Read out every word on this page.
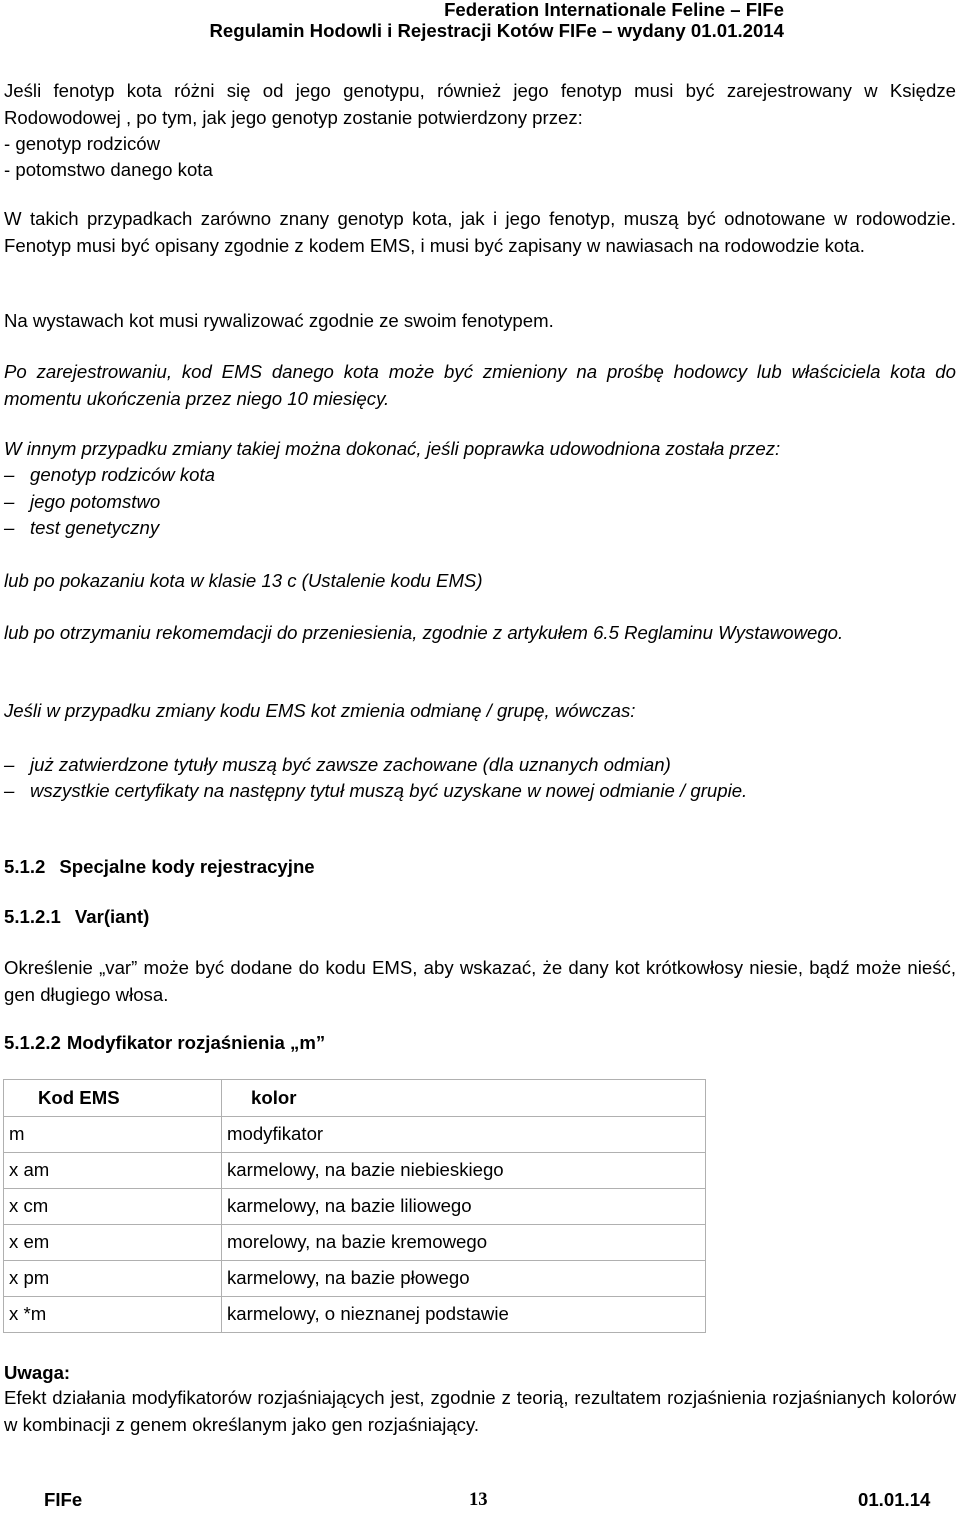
Federation Internationale Feline – FIFe
Regulamin Hodowli i Rejestracji Kotów FIFe – wydany 01.01.2014

Jeśli fenotyp kota różni się od jego genotypu, również jego fenotyp musi być zarejestrowany w Księdze Rodowodowej , po tym, jak jego genotyp zostanie potwierdzony przez:

- genotyp rodziców
- potomstwo danego kota

W takich przypadkach zarówno znany genotyp kota, jak i jego fenotyp, muszą być odnotowane w rodowodzie. Fenotyp musi być opisany zgodnie z kodem EMS, i musi być zapisany w nawiasach na rodowodzie kota.

Na wystawach kot musi rywalizować zgodnie ze swoim fenotypem.

Po zarejestrowaniu, kod EMS danego kota może być zmieniony na prośbę hodowcy lub właściciela kota do momentu ukończenia przez niego 10 miesięcy.

W innym przypadku zmiany takiej można dokonać, jeśli poprawka udowodniona została przez:

– genotyp rodziców kota
– jego potomstwo
– test genetyczny

lub po pokazaniu kota w klasie 13 c (Ustalenie kodu EMS)

lub po otrzymaniu rekomemdacji do przeniesienia, zgodnie z artykułem 6.5 Reglaminu Wystawowego.

Jeśli w przypadku zmiany kodu EMS kot zmienia odmianę / grupę, wówczas:

– już zatwierdzone tytuły muszą być zawsze zachowane (dla uznanych odmian)
– wszystkie certyfikaty na następny tytuł muszą być uzyskane w nowej odmianie / grupie.
5.1.2 Specjalne kody rejestracyjne
5.1.2.1 Var(iant)

Określenie „var” może być dodane do kodu EMS, aby wskazać, że dany kot krótkowłosy niesie, bądź może nieść, gen długiego włosa.

5.1.2.2 Modyfikator rozjaśnienia „m”
Kod EMS	kolor
m	modyfikator
x am	karmelowy, na bazie niebieskiego
x cm	karmelowy, na bazie liliowego
x em	morelowy, na bazie kremowego
x pm	karmelowy, na bazie płowego
x *m	karmelowy, o nieznanej podstawie
Uwaga:

Efekt działania modyfikatorów rozjaśniających jest, zgodnie z teorią, rezultatem rozjaśnienia rozjaśnianych kolorów w kombinacji z genem określanym jako gen rozjaśniający.

FIFe	13	01.01.14
